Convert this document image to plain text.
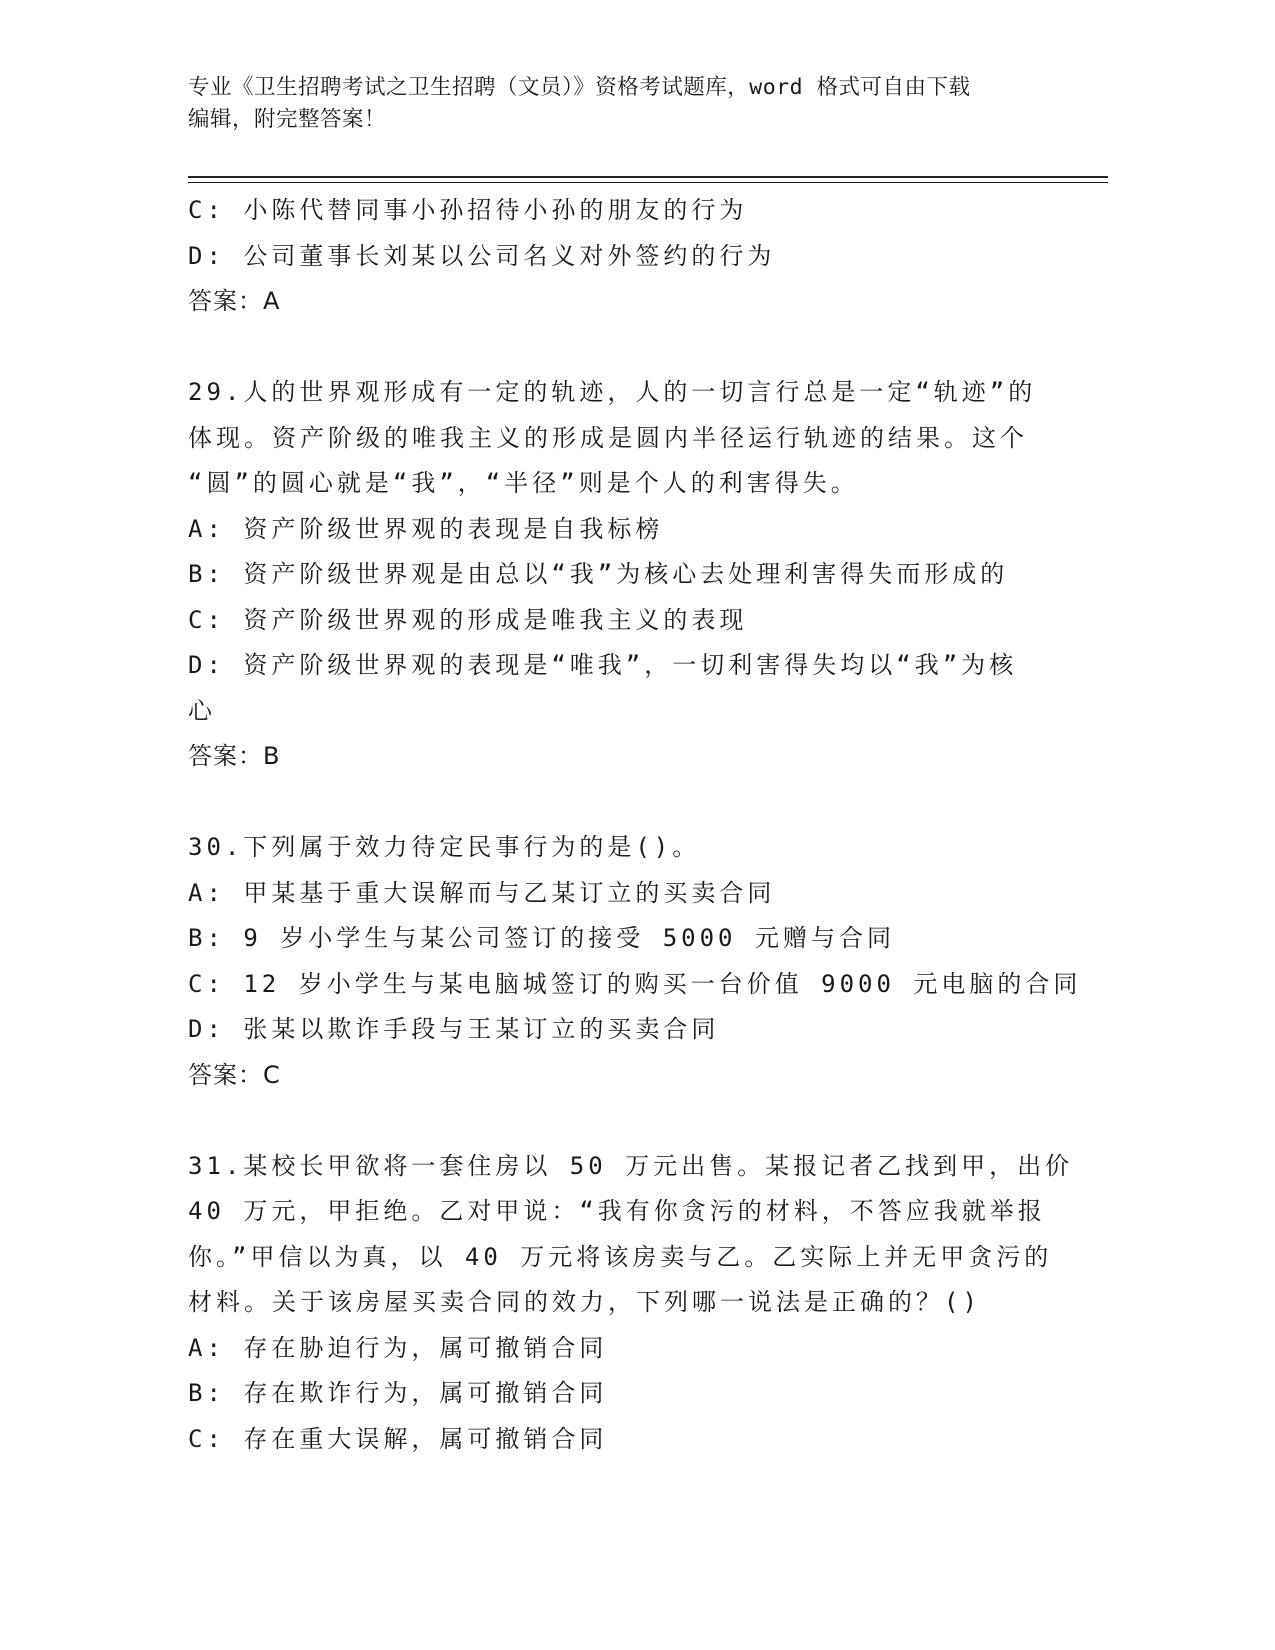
专业《卫生招聘考试之卫生招聘（文员）》资格考试题库，word 格式可自由下载
编辑，附完整答案！
C: 小陈代替同事小孙招待小孙的朋友的行为
D: 公司董事长刘某以公司名义对外签约的行为
答案：A
29.人的世界观形成有一定的轨迹，人的一切言行总是一定“轨迹”的
体现。资产阶级的唯我主义的形成是圆内半径运行轨迹的结果。这个
“圆”的圆心就是“我”，“半径”则是个人的利害得失。
A: 资产阶级世界观的表现是自我标榜
B: 资产阶级世界观是由总以“我”为核心去处理利害得失而形成的
C: 资产阶级世界观的形成是唯我主义的表现
D: 资产阶级世界观的表现是“唯我”，一切利害得失均以“我”为核
心
答案：B
30.下列属于效力待定民事行为的是()。
A: 甲某基于重大误解而与乙某订立的买卖合同
B: 9 岁小学生与某公司签订的接受 5000 元赠与合同
C: 12 岁小学生与某电脑城签订的购买一台价值 9000 元电脑的合同
D: 张某以欺诈手段与王某订立的买卖合同
答案：C
31.某校长甲欲将一套住房以 50 万元出售。某报记者乙找到甲，出价
40 万元，甲拒绝。乙对甲说：“我有你贪污的材料，不答应我就举报
你。”甲信以为真，以 40 万元将该房卖与乙。乙实际上并无甲贪污的
材料。关于该房屋买卖合同的效力，下列哪一说法是正确的？()
A: 存在胁迫行为，属可撤销合同
B: 存在欺诈行为，属可撤销合同
C: 存在重大误解，属可撤销合同
